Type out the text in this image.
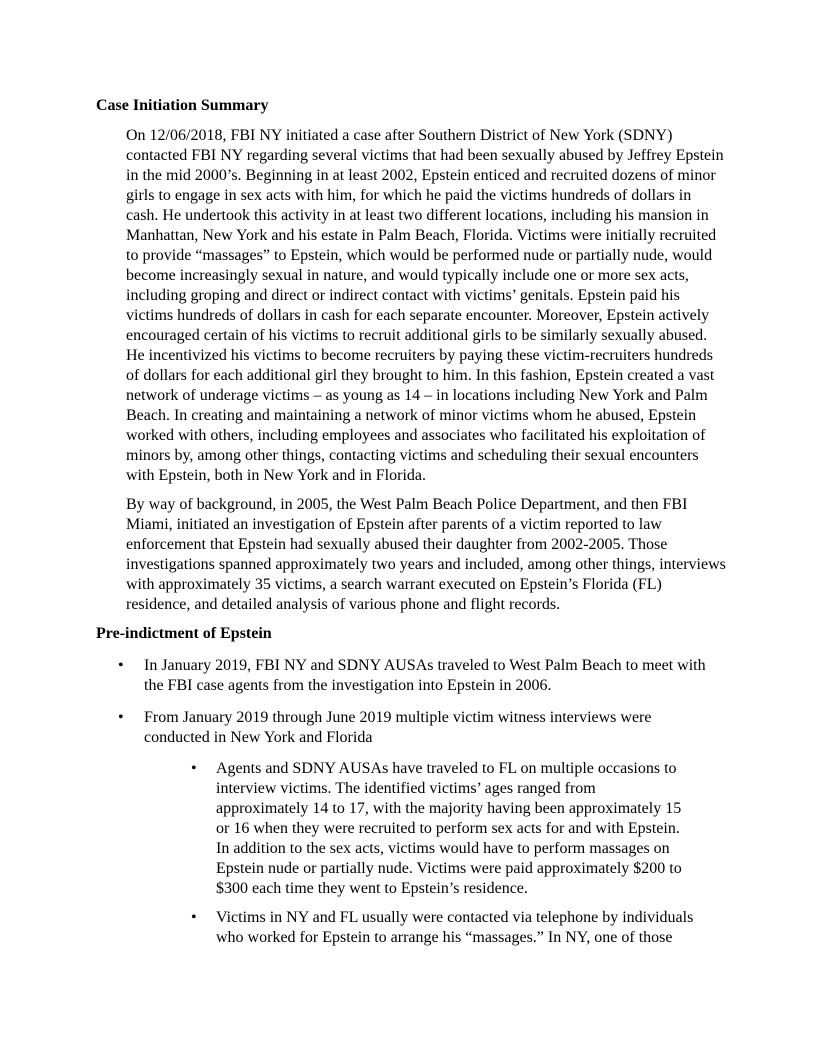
Case Initiation Summary

On 12/06/2018, FBI NY initiated a case after Southern District of New York (SDNY)
contacted FBI NY regarding several victims that had been sexually abused by Jeffrey Epstein
in the mid 2000’s. Beginning in at least 2002, Epstein enticed and recruited dozens of minor
girls to engage in sex acts with him, for which he paid the victims hundreds of dollars in
cash. He undertook this activity in at least two different locations, including his mansion in
Manhattan, New York and his estate in Palm Beach, Florida. Victims were initially recruited
to provide “massages” to Epstein, which would be performed nude or partially nude, would
become increasingly sexual in nature, and would typically include one or more sex acts,
including groping and direct or indirect contact with victims’ genitals. Epstein paid his
victims hundreds of dollars in cash for each separate encounter. Moreover, Epstein actively
encouraged certain of his victims to recruit additional girls to be similarly sexually abused.
He incentivized his victims to become recruiters by paying these victim-recruiters hundreds
of dollars for each additional girl they brought to him. In this fashion, Epstein created a vast
network of underage victims – as young as 14 – in locations including New York and Palm
Beach. In creating and maintaining a network of minor victims whom he abused, Epstein
worked with others, including employees and associates who facilitated his exploitation of
minors by, among other things, contacting victims and scheduling their sexual encounters
with Epstein, both in New York and in Florida.

By way of background, in 2005, the West Palm Beach Police Department, and then FBI
Miami, initiated an investigation of Epstein after parents of a victim reported to law
enforcement that Epstein had sexually abused their daughter from 2002-2005. Those
investigations spanned approximately two years and included, among other things, interviews
with approximately 35 victims, a search warrant executed on Epstein’s Florida (FL)
residence, and detailed analysis of various phone and flight records.

Pre-indictment of Epstein

• In January 2019, FBI NY and SDNY AUSAs traveled to West Palm Beach to meet with
the FBI case agents from the investigation into Epstein in 2006.
• From January 2019 through June 2019 multiple victim witness interviews were
conducted in New York and Florida
• Agents and SDNY AUSAs have traveled to FL on multiple occasions to
interview victims. The identified victims’ ages ranged from
approximately 14 to 17, with the majority having been approximately 15
or 16 when they were recruited to perform sex acts for and with Epstein.
In addition to the sex acts, victims would have to perform massages on
Epstein nude or partially nude. Victims were paid approximately $200 to
$300 each time they went to Epstein’s residence.
• Victims in NY and FL usually were contacted via telephone by individuals
who worked for Epstein to arrange his “massages.” In NY, one of those
